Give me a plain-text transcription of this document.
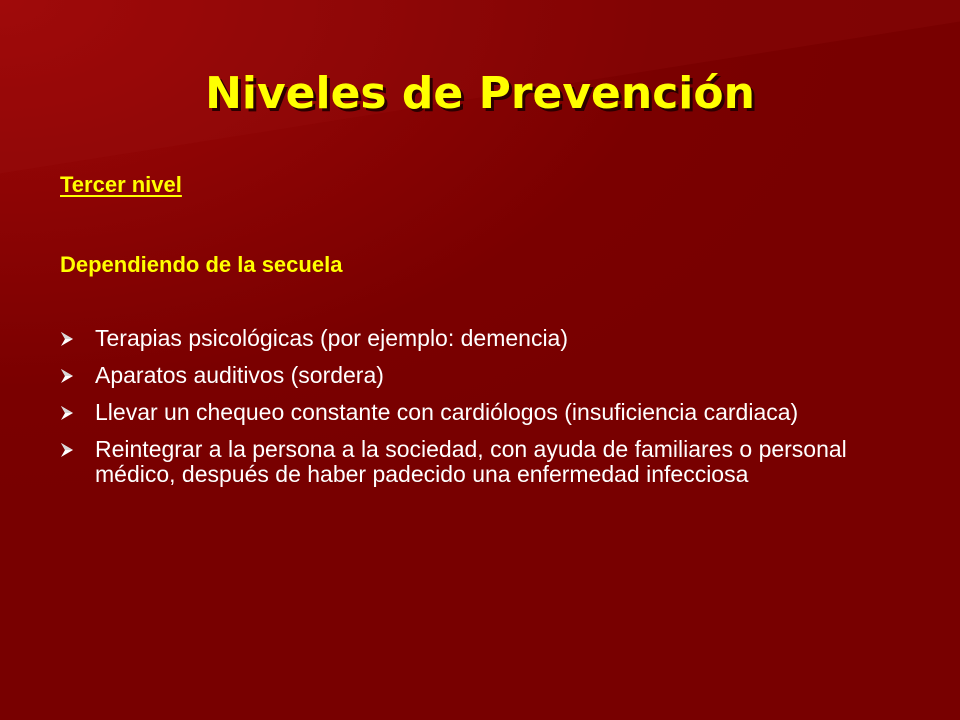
Niveles de Prevención
Tercer nivel
Dependiendo de la secuela
Terapias psicológicas (por ejemplo: demencia)
Aparatos auditivos (sordera)
Llevar un chequeo constante con cardiólogos (insuficiencia cardiaca)
Reintegrar a la persona a la sociedad, con ayuda de familiares o personal médico, después de haber padecido una enfermedad infecciosa
